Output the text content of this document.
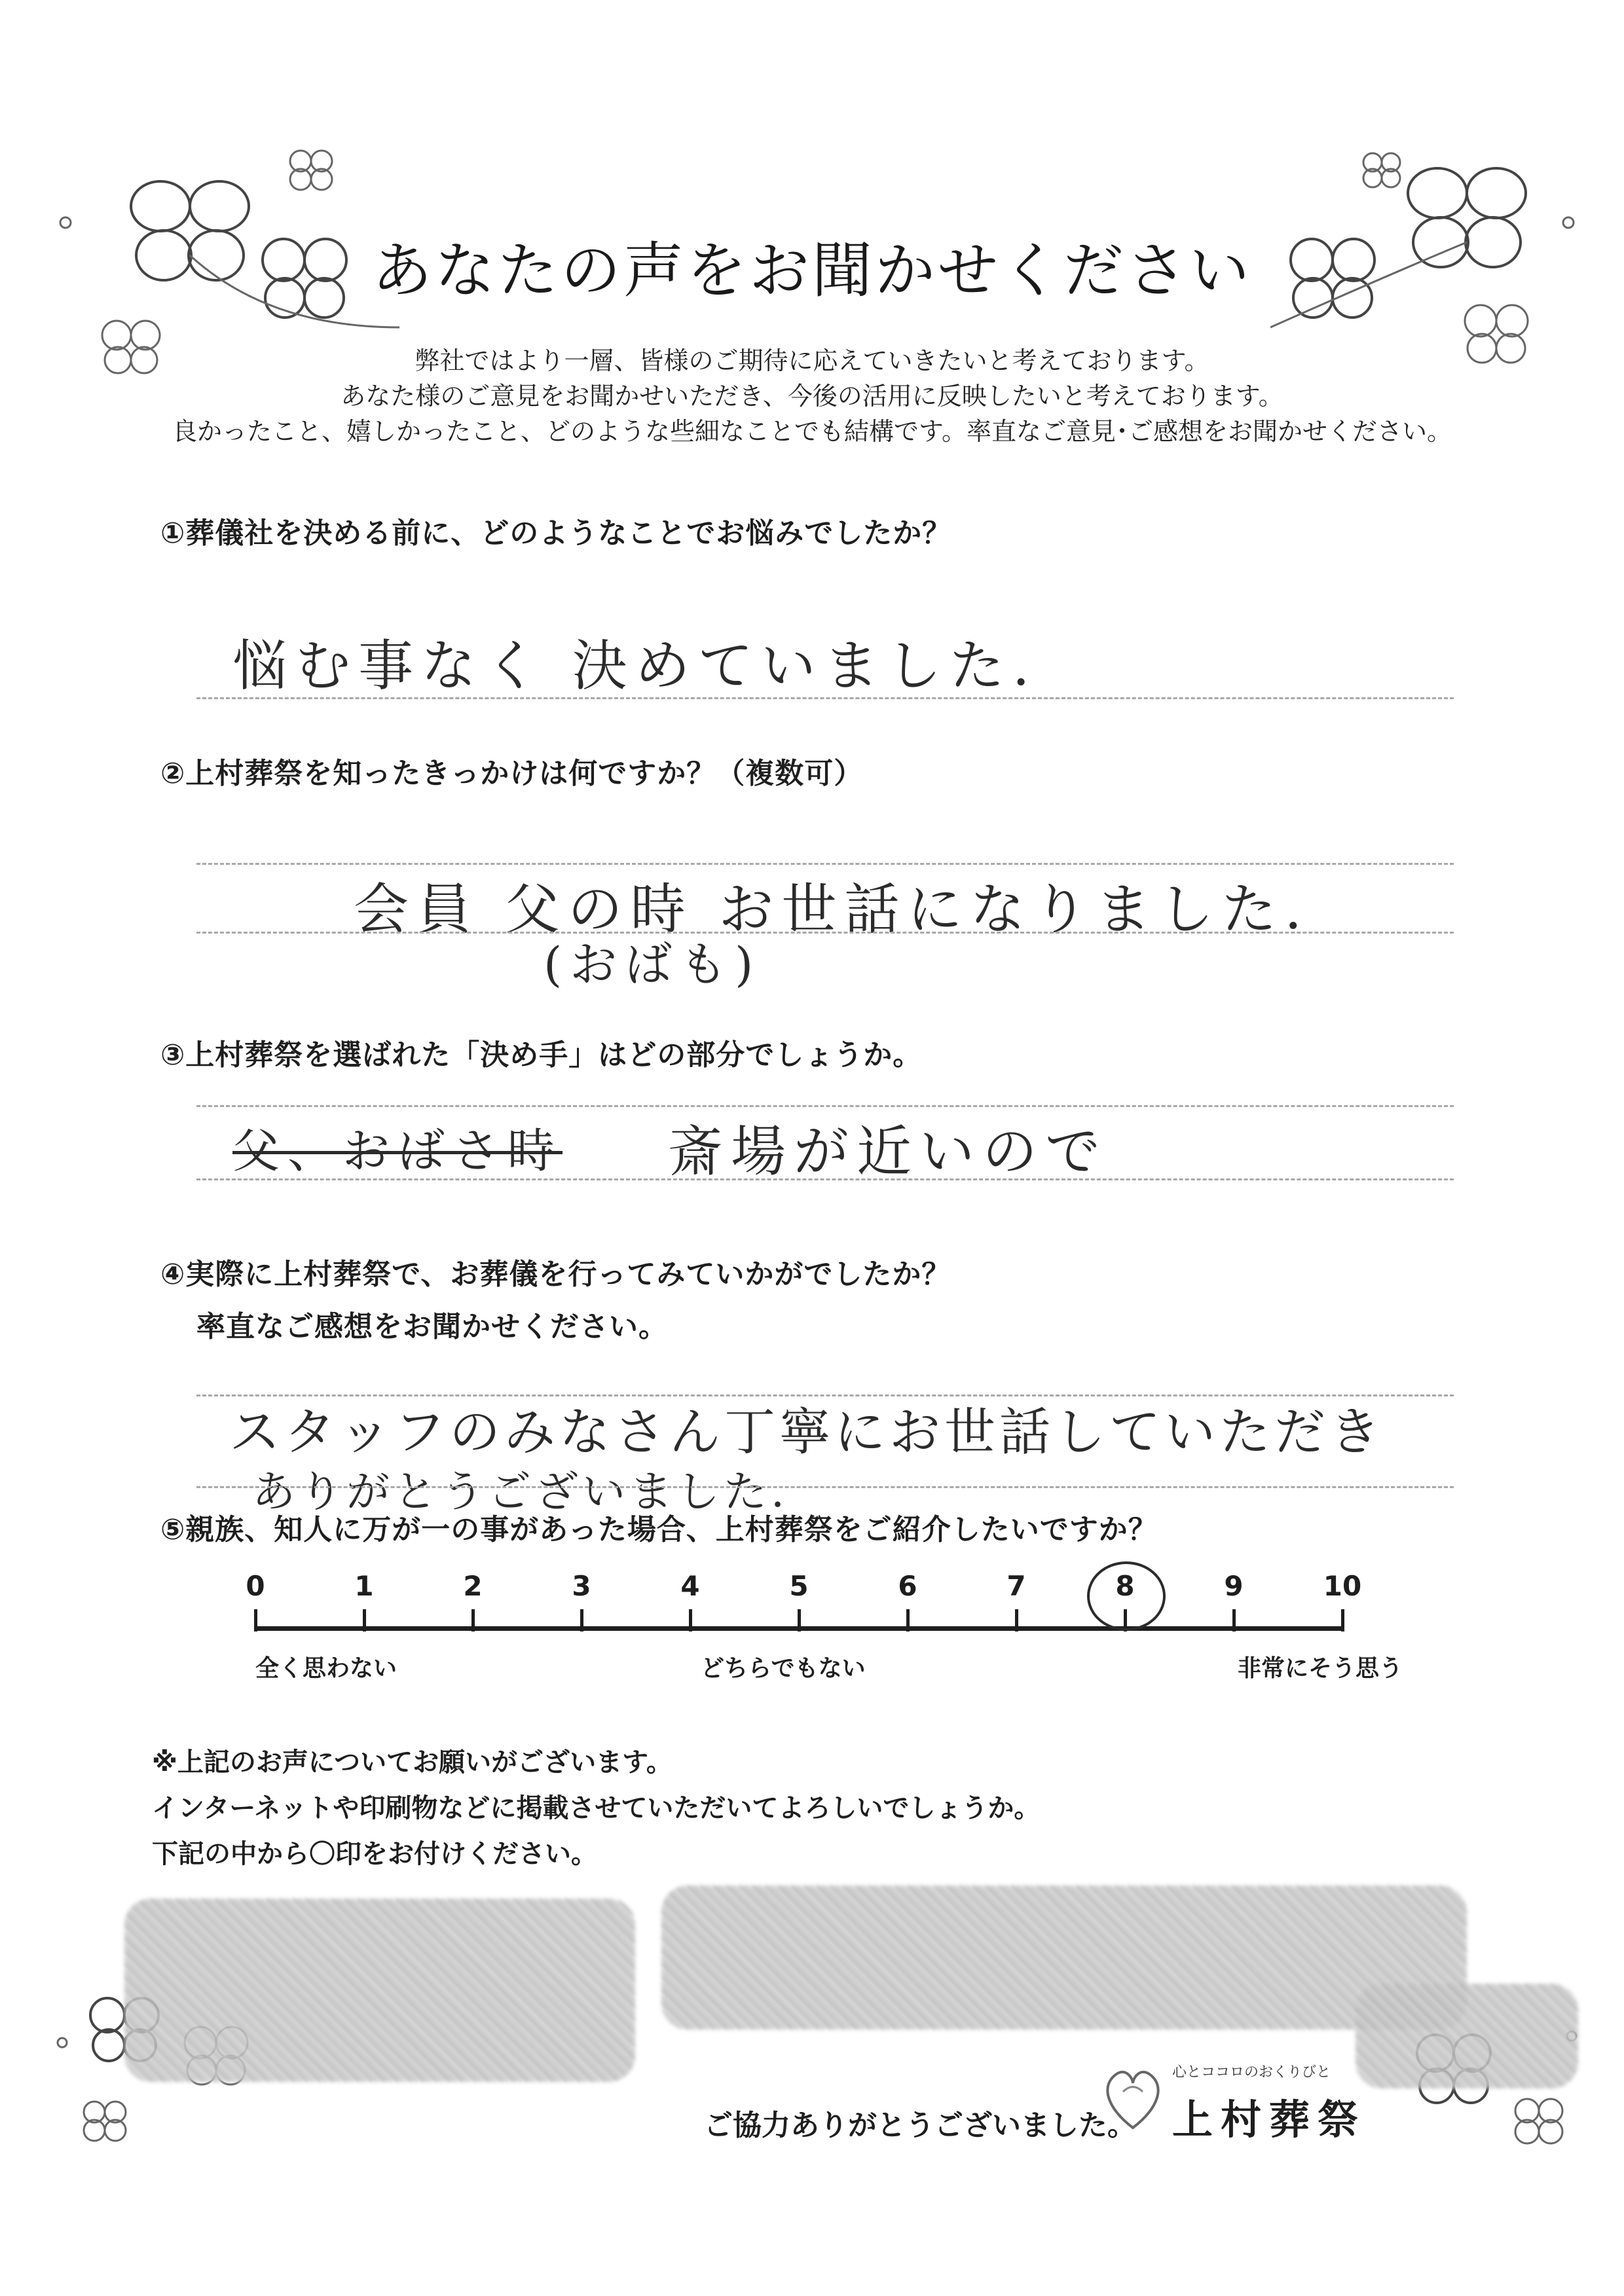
あなたの声をお聞かせください
弊社ではより一層、皆様のご期待に応えていきたいと考えております。
あなた様のご意見をお聞かせいただき、今後の活用に反映したいと考えております。
良かったこと、嬉しかったこと、どのような些細なことでも結構です。率直なご意見･ご感想をお聞かせください。
①葬儀社を決める前に、どのようなことでお悩みでしたか？
悩む事なく 決めていました.
②上村葬祭を知ったきっかけは何ですか？（複数可）
会員 父の時 お世話になりました.
(おばも)
③上村葬祭を選ばれた「決め手」はどの部分でしょうか。
父、おばさ時 斎場が近いので
④実際に上村葬祭で、お葬儀を行ってみていかがでしたか？
率直なご感想をお聞かせください。
スタッフのみなさん丁寧にお世話していただき
ありがとうございました.
⑤親族、知人に万が一の事があった場合、上村葬祭をご紹介したいですか？
0	1	2	3	4	5	6	7	8	9	10
全く思わない	どちらでもない	非常にそう思う
※上記のお声についてお願いがございます。
インターネットや印刷物などに掲載させていただいてよろしいでしょうか。
下記の中から〇印をお付けください。
ご協力ありがとうございました。
心とココロのおくりびと
上村葬祭
